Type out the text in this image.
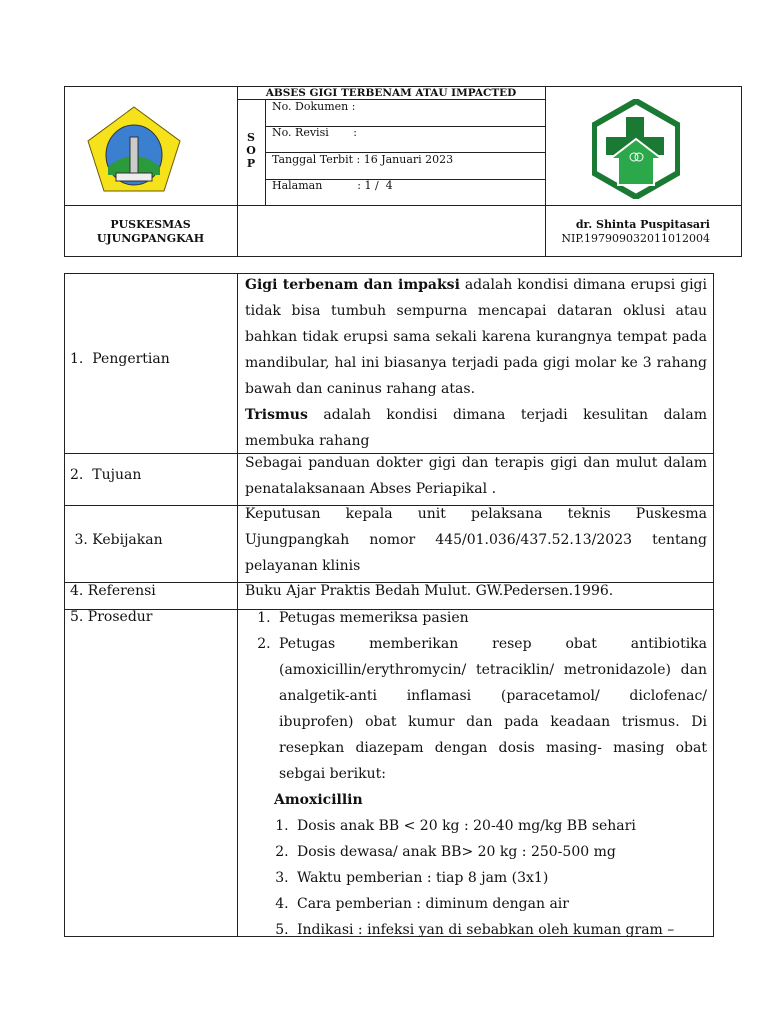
ABSES GIGI TERBENAM ATAU IMPACTED
S
O
P
No. Dokumen :
No. Revisi       :
Tanggal Terbit : 16 Januari 2023
Halaman          : 1 /  4
PUSKESMAS
UJUNGPANGKAH
dr. Shinta Puspitasari
NIP.197909032011012004
1.  Pengertian
Gigi terbenam dan impaksi adalah kondisi dimana erupsi gigi tidak bisa tumbuh sempurna mencapai dataran oklusi atau bahkan tidak erupsi sama sekali karena kurangnya tempat pada mandibular, hal ini biasanya terjadi pada gigi molar ke 3 rahang bawah dan caninus rahang atas.
Trismus adalah kondisi dimana terjadi kesulitan dalam membuka rahang
2.  Tujuan
Sebagai panduan dokter gigi dan terapis gigi dan mulut dalam penatalaksanaan Abses Periapikal .
3. Kebijakan
Keputusan kepala unit pelaksana teknis Puskesma Ujungpangkah nomor 445/01.036/437.52.13/2023 tentang pelayanan klinis
4. Referensi	Buku Ajar Praktis Bedah Mulut. GW.Pedersen.1996.
5. Prosedur	1. Petugas memeriksa pasien
2. Petugas memberikan resep obat antibiotika (amoxicillin/erythromycin/ tetraciklin/ metronidazole) dan analgetik-anti inflamasi (paracetamol/ diclofenac/ ibuprofen) obat kumur dan pada keadaan trismus. Di resepkan diazepam dengan dosis masing- masing obat sebgai berikut:
Amoxicillin
1. Dosis anak BB < 20 kg : 20-40 mg/kg BB sehari
2. Dosis dewasa/ anak BB> 20 kg : 250-500 mg
3. Waktu pemberian : tiap 8 jam (3x1)
4. Cara pemberian : diminum dengan air
5. Indikasi : infeksi yan di sebabkan oleh kuman gram –
